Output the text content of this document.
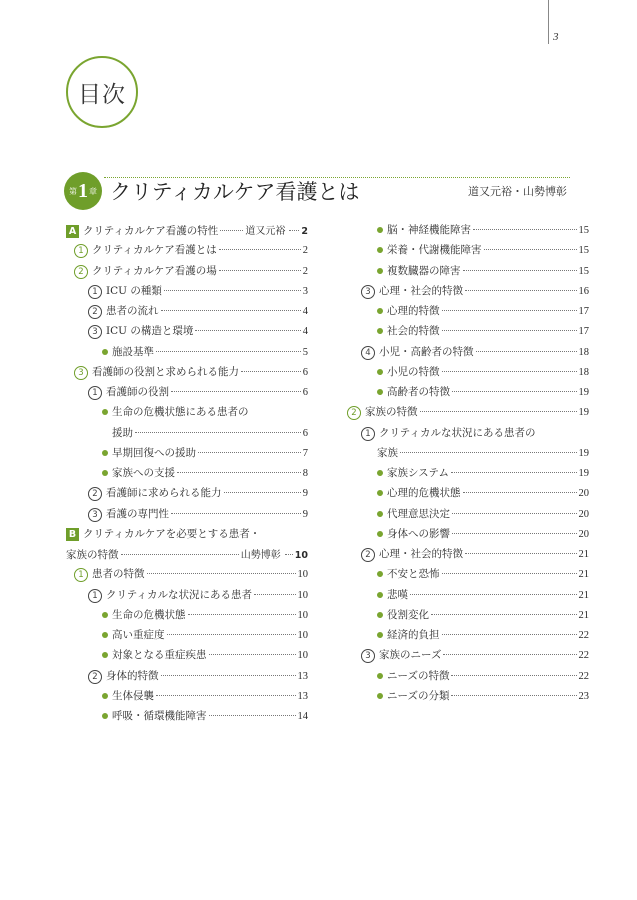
3
目次
第 1 章 クリティカルケア看護とは	道又元裕・山勢博彰
A クリティカルケア看護の特性	道又元裕 2
1 クリティカルケア看護とは	2
2 クリティカルケア看護の場	2
1 ICU の種類	3
2 患者の流れ	4
3 ICU の構造と環境	4
施設基準	5
3 看護師の役割と求められる能力	6
1 看護師の役割	6
生命の危機状態にある患者の
援助	6
早期回復への援助	7
家族への支援	8
2 看護師に求められる能力	9
3 看護の専門性	9
B クリティカルケアを必要とする患者・
家族の特徴	山勢博彰 10
1 患者の特徴	10
1 クリティカルな状況にある患者	10
生命の危機状態	10
高い重症度	10
対象となる重症疾患	10
2 身体的特徴	13
生体侵襲	13
呼吸・循環機能障害	14
脳・神経機能障害	15
栄養・代謝機能障害	15
複数臓器の障害	15
3 心理・社会的特徴	16
心理的特徴	17
社会的特徴	17
4 小児・高齢者の特徴	18
小児の特徴	18
高齢者の特徴	19
2 家族の特徴	19
1 クリティカルな状況にある患者の
家族	19
家族システム	19
心理的危機状態	20
代理意思決定	20
身体への影響	20
2 心理・社会的特徴	21
不安と恐怖	21
悲嘆	21
役割変化	21
経済的負担	22
3 家族のニーズ	22
ニーズの特徴	22
ニーズの分類	23
